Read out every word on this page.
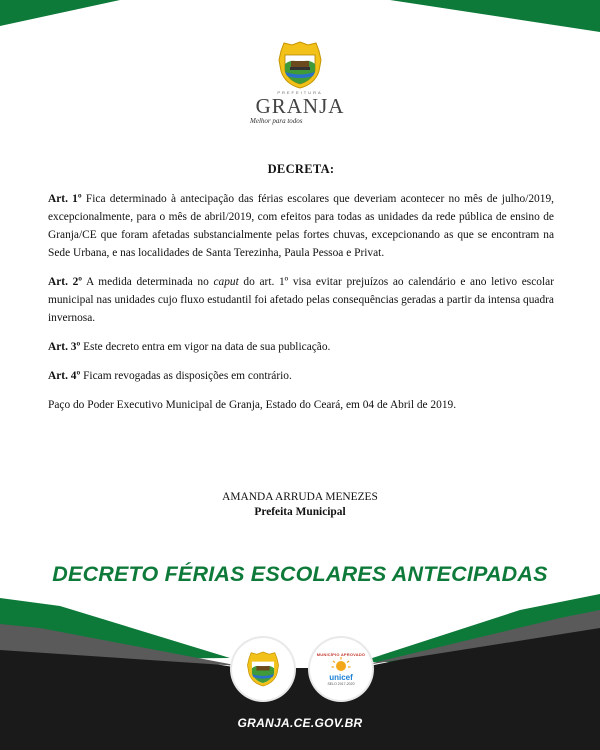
PREFEITURA
GRANJA
Melhor para todos
DECRETA:

Art. 1º Fica determinado à antecipação das férias escolares que deveriam acontecer no mês de julho/2019, excepcionalmente, para o mês de abril/2019, com efeitos para todas as unidades da rede pública de ensino de Granja/CE que foram afetadas substancialmente pelas fortes chuvas, excepcionando as que se encontram na Sede Urbana, e nas localidades de Santa Terezinha, Paula Pessoa e Privat.

Art. 2º A medida determinada no caput do art. 1º visa evitar prejuízos ao calendário e ano letivo escolar municipal nas unidades cujo fluxo estudantil foi afetado pelas consequências geradas a partir da intensa quadra invernosa.

Art. 3º Este decreto entra em vigor na data de sua publicação.

Art. 4º Ficam revogadas as disposições em contrário.

Paço do Poder Executivo Municipal de Granja, Estado do Ceará, em 04 de Abril de 2019.

AMANDA ARRUDA MENEZES
Prefeita Municipal
DECRETO FÉRIAS ESCOLARES ANTECIPADAS
MUNICÍPIO APROVADO
unicef
SELO 2017-2020
GRANJA.CE.GOV.BR
